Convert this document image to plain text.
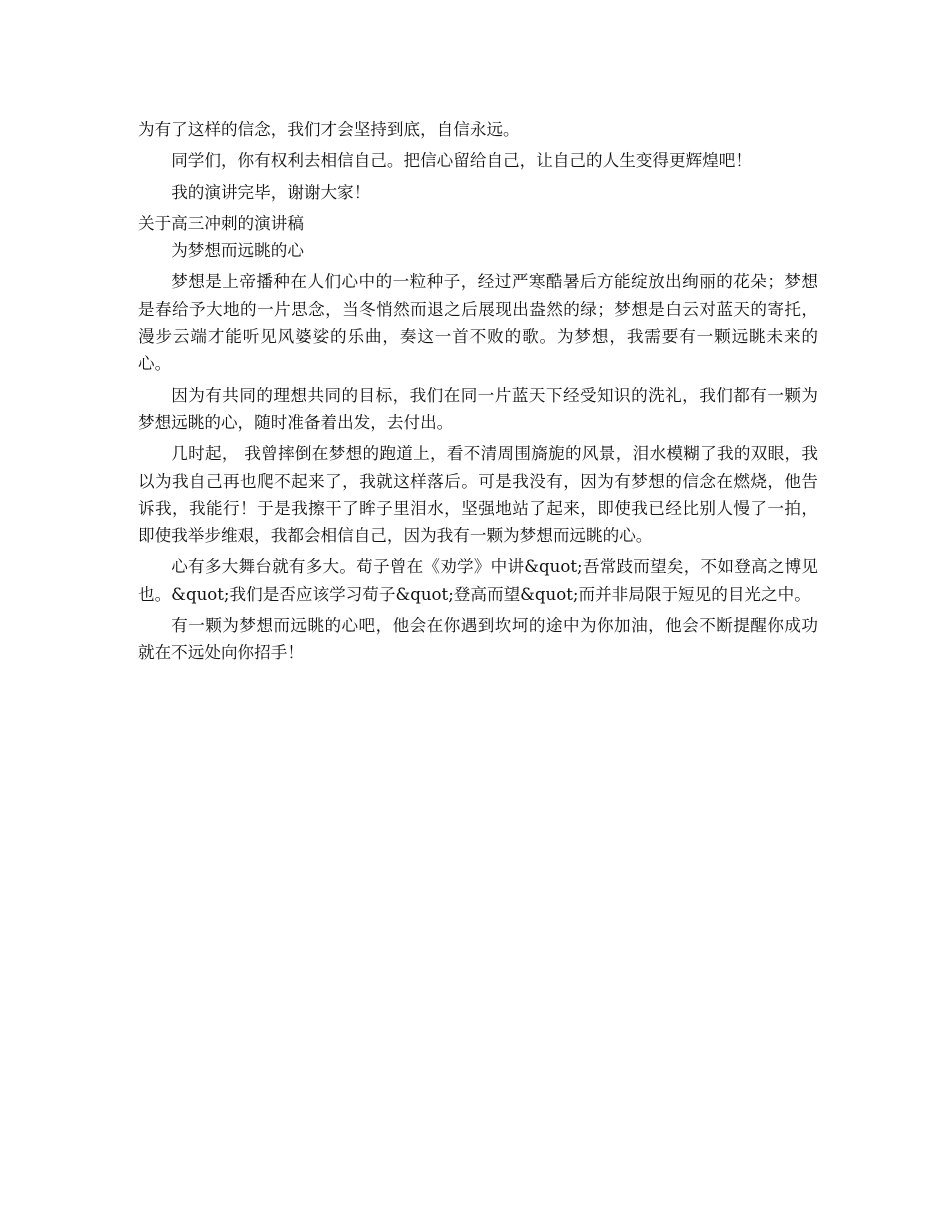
为有了这样的信念，我们才会坚持到底，自信永远。

同学们，你有权利去相信自己。把信心留给自己，让自己的人生变得更辉煌吧！

我的演讲完毕，谢谢大家！

关于高三冲刺的演讲稿

为梦想而远眺的心

梦想是上帝播种在人们心中的一粒种子，经过严寒酷暑后方能绽放出绚丽的花朵；梦想是春给予大地的一片思念，当冬悄然而退之后展现出盎然的绿；梦想是白云对蓝天的寄托，漫步云端才能听见风婆娑的乐曲，奏这一首不败的歌。为梦想，我需要有一颗远眺未来的心。

因为有共同的理想共同的目标，我们在同一片蓝天下经受知识的洗礼，我们都有一颗为梦想远眺的心，随时准备着出发，去付出。

几时起， 我曾摔倒在梦想的跑道上，看不清周围旖旎的风景，泪水模糊了我的双眼，我以为我自己再也爬不起来了，我就这样落后。可是我没有，因为有梦想的信念在燃烧，他告诉我，我能行！于是我擦干了眸子里泪水，坚强地站了起来，即使我已经比别人慢了一拍，即使我举步维艰，我都会相信自己，因为我有一颗为梦想而远眺的心。

心有多大舞台就有多大。荀子曾在《劝学》中讲&quot;吾常跂而望矣，不如登高之博见也。&quot;我们是否应该学习荀子&quot;登高而望&quot;而并非局限于短见的目光之中。

有一颗为梦想而远眺的心吧，他会在你遇到坎坷的途中为你加油，他会不断提醒你成功就在不远处向你招手！
